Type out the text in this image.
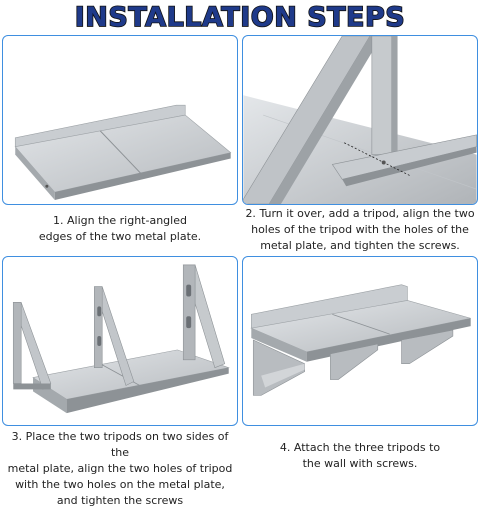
INSTALLATION STEPS
1. Align the right-angled
edges of the two metal plate.
2. Turn it over, add a tripod, align the two
holes of the tripod with the holes of the
metal plate, and tighten the screws.
3. Place the two tripods on two sides of the
metal plate, align the two holes of tripod
with the two holes on the metal plate,
and tighten the screws
4. Attach the three tripods to
the wall with screws.
